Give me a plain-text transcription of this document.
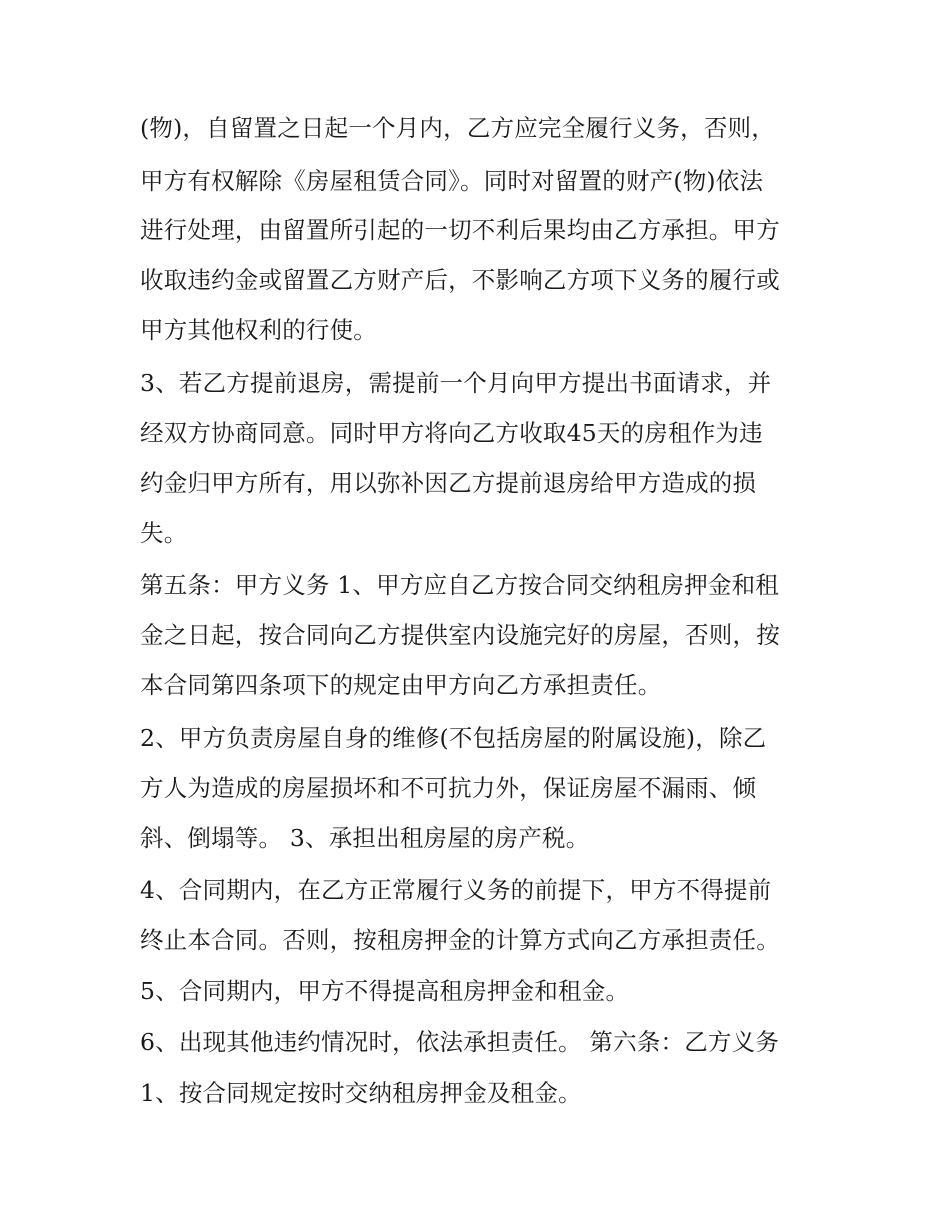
(物)，自留置之日起一个月内，乙方应完全履行义务，否则，
甲方有权解除《房屋租赁合同》。同时对留置的财产(物)依法
进行处理，由留置所引起的一切不利后果均由乙方承担。甲方
收取违约金或留置乙方财产后，不影响乙方项下义务的履行或
甲方其他权利的行使。
3、若乙方提前退房，需提前一个月向甲方提出书面请求，并
经双方协商同意。同时甲方将向乙方收取45天的房租作为违
约金归甲方所有，用以弥补因乙方提前退房给甲方造成的损
失。
第五条：甲方义务 1、甲方应自乙方按合同交纳租房押金和租
金之日起，按合同向乙方提供室内设施完好的房屋，否则，按
本合同第四条项下的规定由甲方向乙方承担责任。
2、甲方负责房屋自身的维修(不包括房屋的附属设施)，除乙
方人为造成的房屋损坏和不可抗力外，保证房屋不漏雨、倾
斜、倒塌等。 3、承担出租房屋的房产税。
4、合同期内，在乙方正常履行义务的前提下，甲方不得提前
终止本合同。否则，按租房押金的计算方式向乙方承担责任。
5、合同期内，甲方不得提高租房押金和租金。
6、出现其他违约情况时，依法承担责任。 第六条：乙方义务
1、按合同规定按时交纳租房押金及租金。
